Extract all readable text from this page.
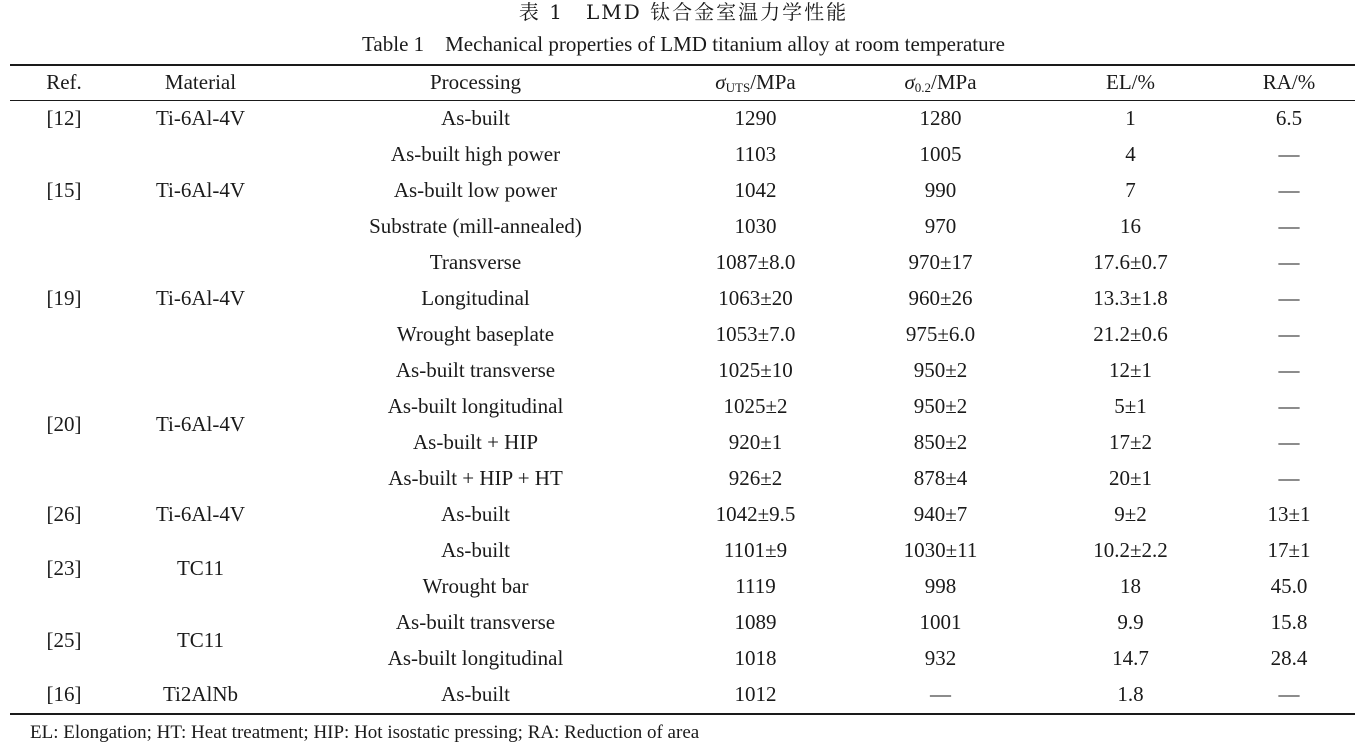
表 1　LMD 钛合金室温力学性能
Table 1　Mechanical properties of LMD titanium alloy at room temperature
Ref.	Material	Processing	$\sigma_{UTS}$/MPa	$\sigma_{0.2}$/MPa	EL/%	RA/%
[12]	Ti-6Al-4V	As-built	1290	1280	1	6.5
[15]	Ti-6Al-4V	As-built high power	1103	1005	4	—
		As-built low power	1042	990	7	—
		Substrate (mill-annealed)	1030	970	16	—
[19]	Ti-6Al-4V	Transverse	1087±8.0	970±17	17.6±0.7	—
		Longitudinal	1063±20	960±26	13.3±1.8	—
		Wrought baseplate	1053±7.0	975±6.0	21.2±0.6	—
[20]	Ti-6Al-4V	As-built transverse	1025±10	950±2	12±1	—
		As-built longitudinal	1025±2	950±2	5±1	—
		As-built + HIP	920±1	850±2	17±2	—
		As-built + HIP + HT	926±2	878±4	20±1	—
[26]	Ti-6Al-4V	As-built	1042±9.5	940±7	9±2	13±1
[23]	TC11	As-built	1101±9	1030±11	10.2±2.2	17±1
		Wrought bar	1119	998	18	45.0
[25]	TC11	As-built transverse	1089	1001	9.9	15.8
		As-built longitudinal	1018	932	14.7	28.4
[16]	Ti2AlNb	As-built	1012	—	1.8	—
EL: Elongation; HT: Heat treatment; HIP: Hot isostatic pressing; RA: Reduction of area
